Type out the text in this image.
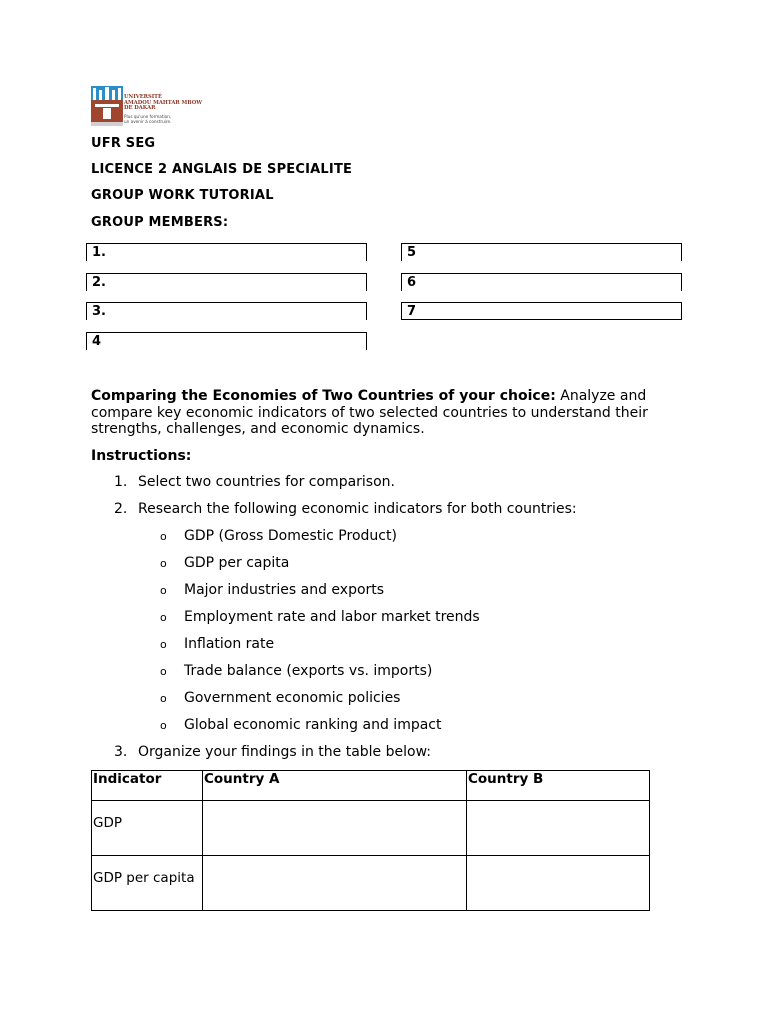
UNIVERSITÉ
AMADOU MAHTAR MBOW
DE DAKAR
Plus qu'une formation,
un avenir à construire.
UFR SEG
LICENCE 2 ANGLAIS DE SPECIALITE
GROUP WORK TUTORIAL
GROUP MEMBERS:
1.
2.
3.
4
5
6
7
Comparing the Economies of Two Countries of your choice: Analyze and compare key economic indicators of two selected countries to understand their strengths, challenges, and economic dynamics.
Instructions:
1. Select two countries for comparison.
2. Research the following economic indicators for both countries:
o GDP (Gross Domestic Product)
o GDP per capita
o Major industries and exports
o Employment rate and labor market trends
o Inflation rate
o Trade balance (exports vs. imports)
o Government economic policies
o Global economic ranking and impact
3. Organize your findings in the table below:
Indicator	Country A	Country B
GDP		
GDP per capita		
